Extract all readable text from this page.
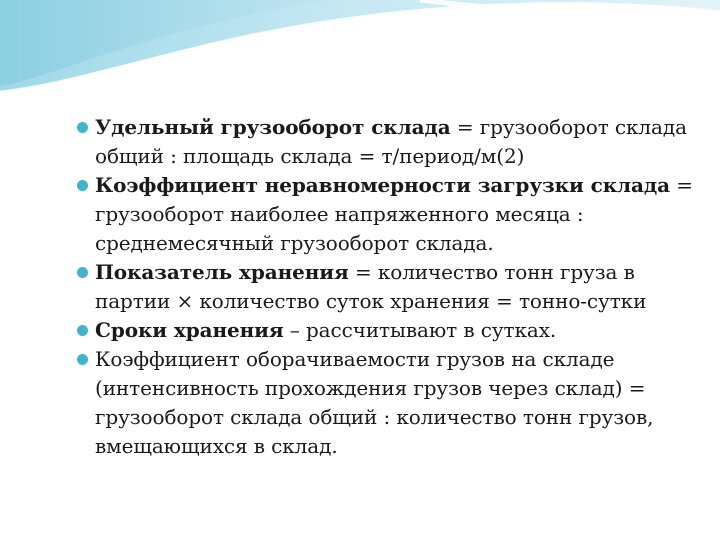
Удельный грузооборот склада = грузооборот склада общий : площадь склада = т/период/м(2)
Коэффициент неравномерности загрузки склада = грузооборот наиболее напряженного месяца : среднемесячный грузооборот склада.
Показатель хранения = количество тонн груза в партии × количество суток хранения = тонно-сутки
Сроки хранения – рассчитывают в сутках.
Коэффициент оборачиваемости грузов на складе (интенсивность прохождения грузов через склад) = грузооборот склада общий : количество тонн грузов, вмещающихся в склад.
